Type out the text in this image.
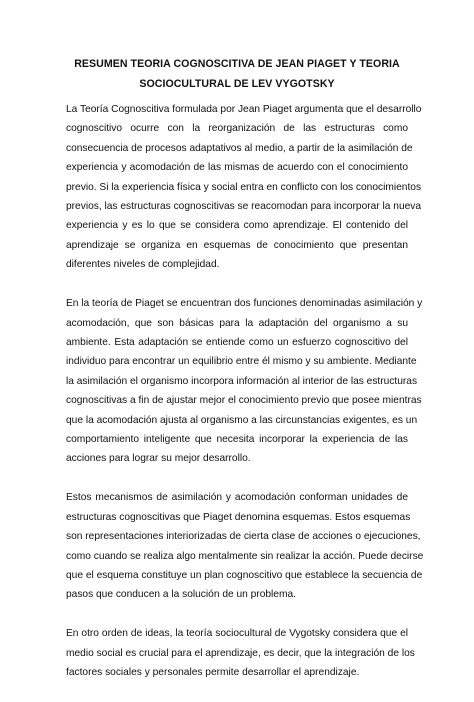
RESUMEN TEORIA COGNOSCITIVA DE JEAN PIAGET Y TEORIA
SOCIOCULTURAL DE LEV VYGOTSKY

La Teoría Cognoscitiva formulada por Jean Piaget argumenta que el desarrollo
cognoscitivo ocurre con la reorganización de las estructuras como
consecuencia de procesos adaptativos al medio, a partir de la asimilación de
experiencia y acomodación de las mismas de acuerdo con el conocimiento
previo. Si la experiencia física y social entra en conflicto con los conocimientos
previos, las estructuras cognoscitivas se reacomodan para incorporar la nueva
experiencia y es lo que se considera como aprendizaje. El contenido del
aprendizaje se organiza en esquemas de conocimiento que presentan
diferentes niveles de complejidad.

En la teoría de Piaget se encuentran dos funciones denominadas asimilación y
acomodación, que son básicas para la adaptación del organismo a su
ambiente. Esta adaptación se entiende como un esfuerzo cognoscitivo del
individuo para encontrar un equilibrio entre él mismo y su ambiente. Mediante
la asimilación el organismo incorpora información al interior de las estructuras
cognoscitivas a fin de ajustar mejor el conocimiento previo que posee mientras
que la acomodación ajusta al organismo a las circunstancias exigentes, es un
comportamiento inteligente que necesita incorporar la experiencia de las
acciones para lograr su mejor desarrollo.

Estos mecanismos de asimilación y acomodación conforman unidades de
estructuras cognoscitivas que Piaget denomina esquemas. Estos esquemas
son representaciones interiorizadas de cierta clase de acciones o ejecuciones,
como cuando se realiza algo mentalmente sin realizar la acción. Puede decirse
que el esquema constituye un plan cognoscitivo que establece la secuencia de
pasos que conducen a la solución de un problema.

En otro orden de ideas, la teoría sociocultural de Vygotsky considera que el
medio social es crucial para el aprendizaje, es decir, que la integración de los
factores sociales y personales permite desarrollar el aprendizaje.
